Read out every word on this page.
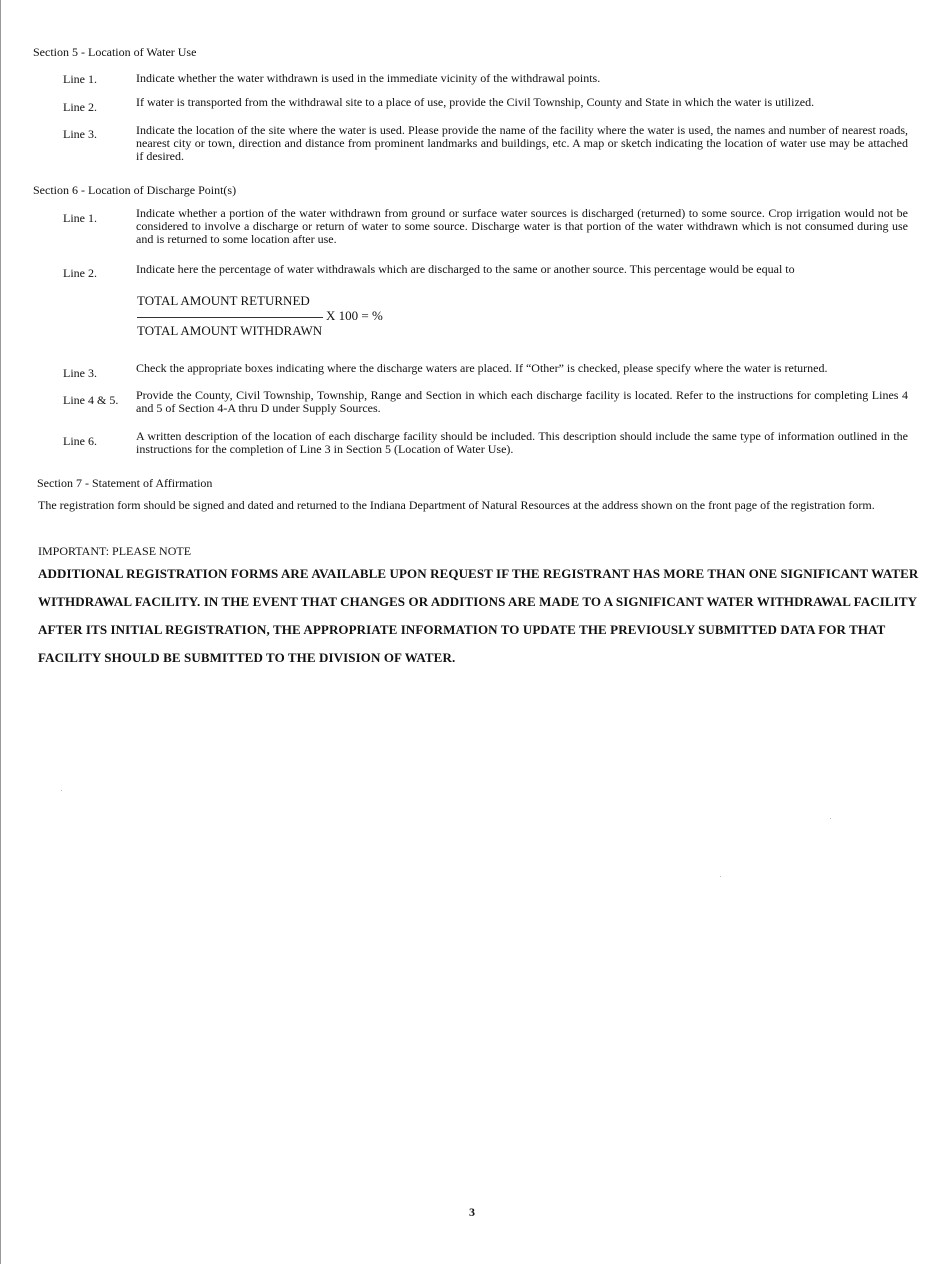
Section 5 - Location of Water Use
Line 1.	Indicate whether the water withdrawn is used in the immediate vicinity of the withdrawal points.
Line 2.	If water is transported from the withdrawal site to a place of use, provide the Civil Township, County and State in which the water is utilized.
Line 3.	Indicate the location of the site where the water is used. Please provide the name of the facility where the water is used, the names and number of nearest roads, nearest city or town, direction and distance from prominent landmarks and buildings, etc. A map or sketch indicating the location of water use may be attached if desired.
Section 6 - Location of Discharge Point(s)
Line 1.	Indicate whether a portion of the water withdrawn from ground or surface water sources is discharged (returned) to some source. Crop irrigation would not be considered to involve a discharge or return of water to some source. Discharge water is that portion of the water withdrawn which is not consumed during use and is returned to some location after use.
Line 2.	Indicate here the percentage of water withdrawals which are discharged to the same or another source. This percentage would be equal to
TOTAL AMOUNT RETURNED
X 100 = %
TOTAL AMOUNT WITHDRAWN
Line 3.	Check the appropriate boxes indicating where the discharge waters are placed. If “Other” is checked, please specify where the water is returned.
Line 4 & 5. Provide the County, Civil Township, Township, Range and Section in which each discharge facility is located. Refer to the instructions for completing Lines 4 and 5 of Section 4-A thru D under Supply Sources.
Line 6.	A written description of the location of each discharge facility should be included. This description should include the same type of information outlined in the instructions for the completion of Line 3 in Section 5 (Location of Water Use).
Section 7 - Statement of Affirmation
The registration form should be signed and dated and returned to the Indiana Department of Natural Resources at the address shown on the front page of the registration form.
IMPORTANT: PLEASE NOTE
ADDITIONAL REGISTRATION FORMS ARE AVAILABLE UPON REQUEST IF THE REGISTRANT HAS MORE THAN ONE SIGNIFICANT WATER
WITHDRAWAL FACILITY. IN THE EVENT THAT CHANGES OR ADDITIONS ARE MADE TO A SIGNIFICANT WATER WITHDRAWAL FACILITY
AFTER ITS INITIAL REGISTRATION, THE APPROPRIATE INFORMATION TO UPDATE THE PREVIOUSLY SUBMITTED DATA FOR THAT
FACILITY SHOULD BE SUBMITTED TO THE DIVISION OF WATER.
3
